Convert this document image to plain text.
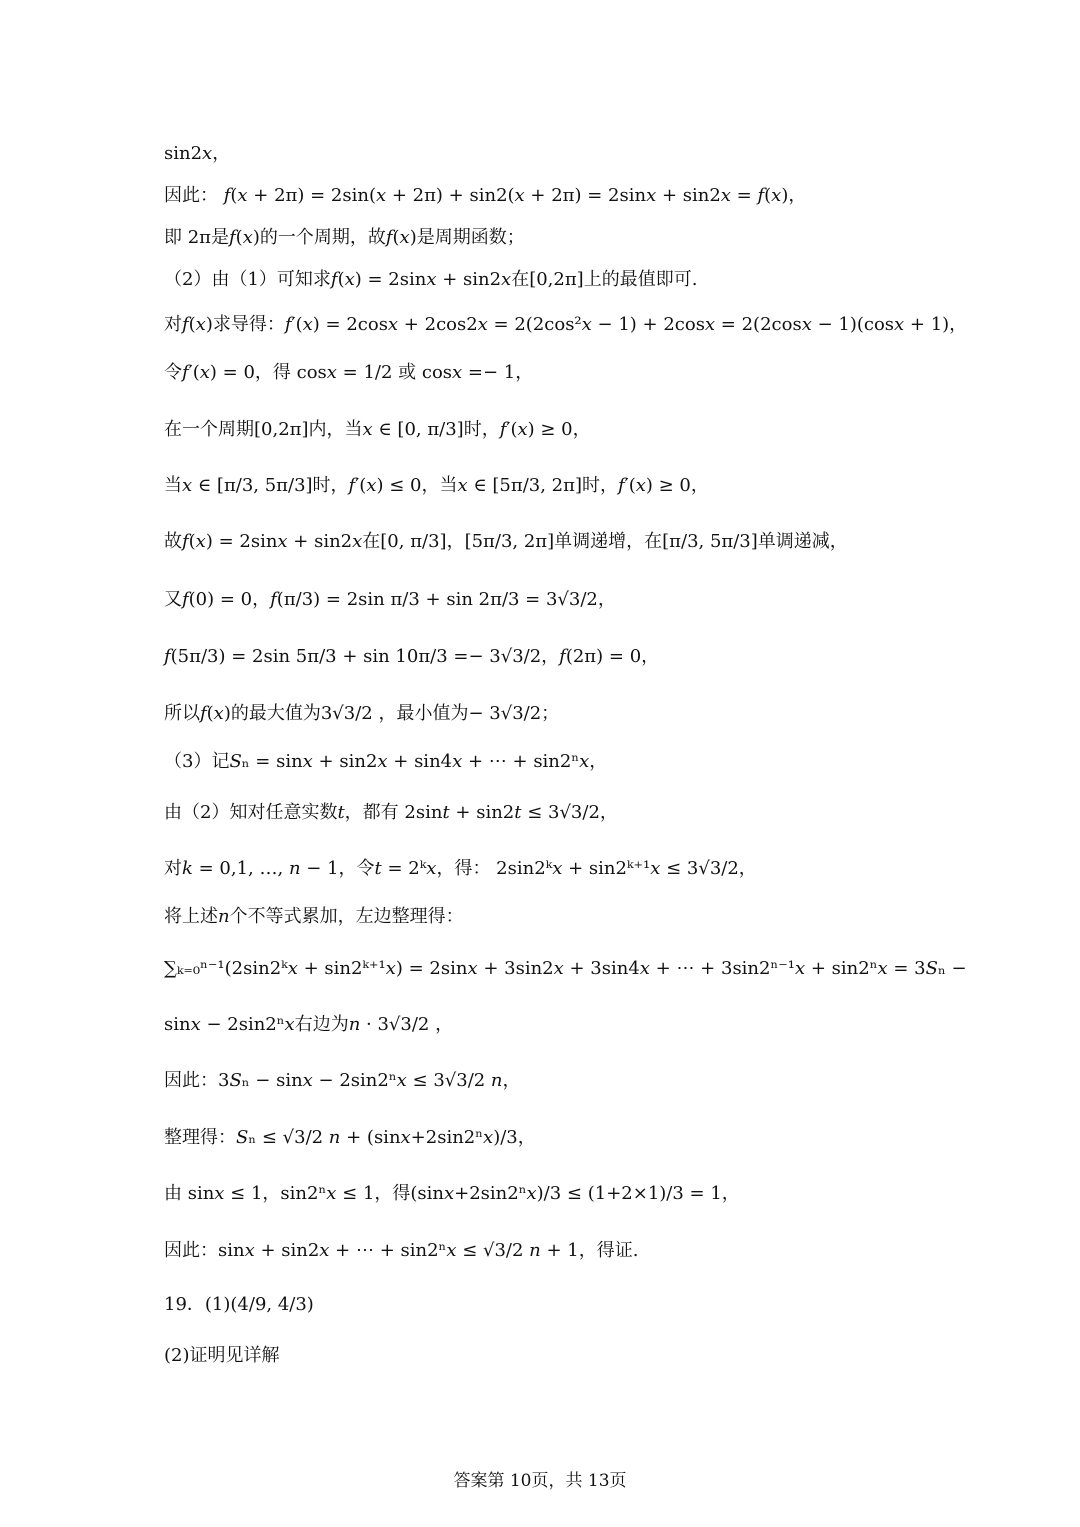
sin2𝑥，
因此： 𝑓(𝑥 + 2π) = 2sin(𝑥 + 2π) + sin2(𝑥 + 2π) = 2sin𝑥 + sin2𝑥 = 𝑓(𝑥)，
即 2π是𝑓(𝑥)的一个周期，故𝑓(𝑥)是周期函数；
（2）由（1）可知求𝑓(𝑥) = 2sin𝑥 + sin2𝑥在[0,2π]上的最值即可.
对𝑓(𝑥)求导得：𝑓′(𝑥) = 2cos𝑥 + 2cos2𝑥 = 2(2cos²𝑥 − 1) + 2cos𝑥 = 2(2cos𝑥 − 1)(cos𝑥 + 1)，
令𝑓′(𝑥) = 0，得 cos𝑥 = 1/2 或 cos𝑥 =− 1，
在一个周期[0,2π]内，当𝑥 ∈ [0, π/3]时，𝑓′(𝑥) ≥ 0，
当𝑥 ∈ [π/3, 5π/3]时，𝑓′(𝑥) ≤ 0，当𝑥 ∈ [5π/3, 2π]时，𝑓′(𝑥) ≥ 0，
故𝑓(𝑥) = 2sin𝑥 + sin2𝑥在[0, π/3]，[5π/3, 2π]单调递增，在[π/3, 5π/3]单调递减，
又𝑓(0) = 0，𝑓(π/3) = 2sin π/3 + sin 2π/3 = 3√3/2，
𝑓(5π/3) = 2sin 5π/3 + sin 10π/3 =− 3√3/2，𝑓(2π) = 0，
所以𝑓(𝑥)的最大值为3√3/2 ，最小值为− 3√3/2；
（3）记𝑆ₙ = sin𝑥 + sin2𝑥 + sin4𝑥 + ⋯ + sin2ⁿ𝑥，
由（2）知对任意实数𝑡，都有 2sin𝑡 + sin2𝑡 ≤ 3√3/2，
对𝑘 = 0,1, …, 𝑛 − 1，令𝑡 = 2ᵏ𝑥，得： 2sin2ᵏ𝑥 + sin2ᵏ⁺¹𝑥 ≤ 3√3/2，
将上述𝑛个不等式累加，左边整理得：
∑ₖ₌₀ⁿ⁻¹(2sin2ᵏ𝑥 + sin2ᵏ⁺¹𝑥) = 2sin𝑥 + 3sin2𝑥 + 3sin4𝑥 + ⋯ + 3sin2ⁿ⁻¹𝑥 + sin2ⁿ𝑥 = 3𝑆ₙ −
sin𝑥 − 2sin2ⁿ𝑥右边为𝑛 · 3√3/2 ，
因此：3𝑆ₙ − sin𝑥 − 2sin2ⁿ𝑥 ≤ 3√3/2 𝑛，
整理得：𝑆ₙ ≤ √3/2 𝑛 + (sin𝑥+2sin2ⁿ𝑥)/3，
由 sin𝑥 ≤ 1，sin2ⁿ𝑥 ≤ 1，得(sin𝑥+2sin2ⁿ𝑥)/3 ≤ (1+2×1)/3 = 1，
因此：sin𝑥 + sin2𝑥 + ⋯ + sin2ⁿ𝑥 ≤ √3/2 𝑛 + 1，得证.
19．(1)(4/9, 4/3)
(2)证明见详解
答案第 10页，共 13页
